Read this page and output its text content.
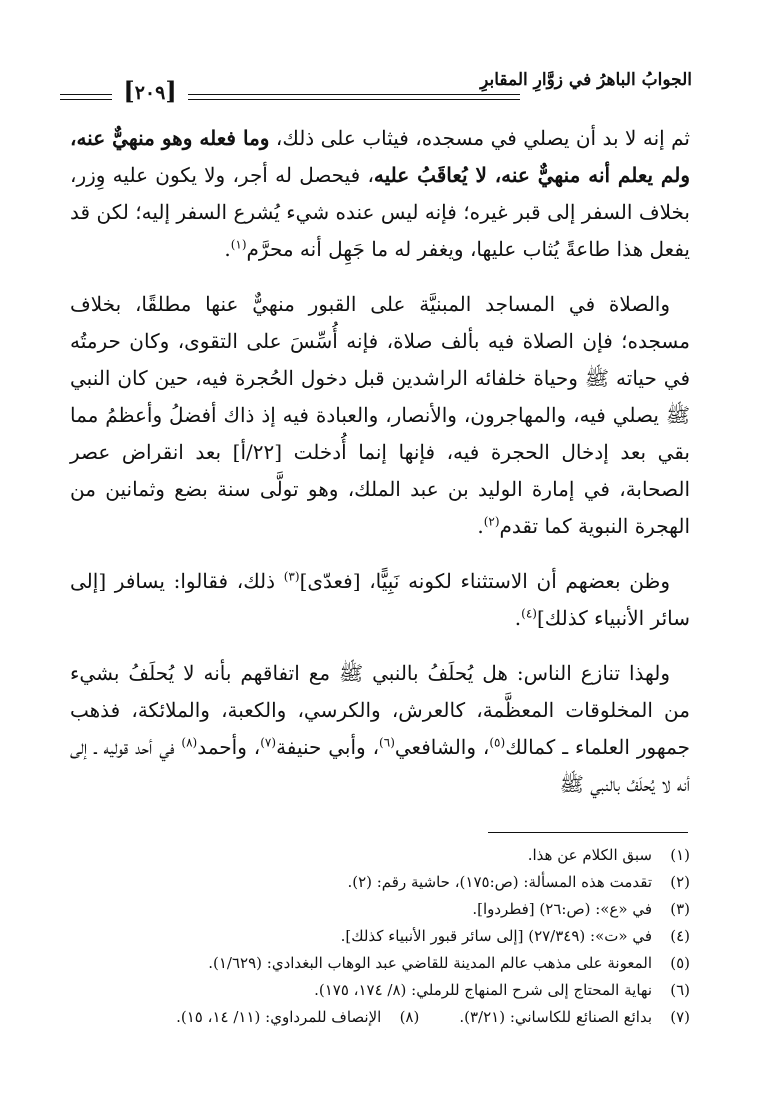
الجوابُ الباهرُ في زوَّارِ المقابرِ
[٢٠٩]

ثم إنه لا بد أن يصلي في مسجده، فيثاب على ذلك، وما فعله وهو منهيٌّ عنه، ولم يعلم أنه منهيٌّ عنه، لا يُعاقَبُ عليه، فيحصل له أجر، ولا يكون عليه وِزر، بخلاف السفر إلى قبر غيره؛ فإنه ليس عنده شيء يُشرع السفر إليه؛ لكن قد يفعل هذا طاعةً يُثاب عليها، ويغفر له ما جَهِل أنه محرَّم$^{(١)}$.

والصلاة في المساجد المبنيَّة على القبور منهيٌّ عنها مطلقًا، بخلاف مسجده؛ فإن الصلاة فيه بألف صلاة، فإنه أُسِّسَ على التقوى، وكان حرمتُه في حياته ﷺ وحياة خلفائه الراشدين قبل دخول الحُجرة فيه، حين كان النبي ﷺ يصلي فيه، والمهاجرون، والأنصار، والعبادة فيه إذ ذاك أفضلُ وأعظمُ مما بقي بعد إدخال الحجرة فيه، فإنها إنما أُدخلت [٢٢/أ] بعد انقراض عصر الصحابة، في إمارة الوليد بن عبد الملك، وهو تولَّى سنة بضع وثمانين من الهجرة النبوية كما تقدم$^{(٢)}$.

وظن بعضهم أن الاستثناء لكونه نَبِيًّا، [فعدّى]$^{(٣)}$ ذلك، فقالوا: يسافر [إلى سائر الأنبياء كذلك]$^{(٤)}$.

ولهذا تنازع الناس: هل يُحلَفُ بالنبي ﷺ مع اتفاقهم بأنه لا يُحلَفُ بشيء من المخلوقات المعظَّمة، كالعرش، والكرسي، والكعبة، والملائكة، فذهب جمهور العلماء ـ كمالك$^{(٥)}$، والشافعي$^{(٦)}$، وأبي حنيفة$^{(٧)}$، وأحمد$^{(٨)}$ في أحد قوليه ـ إلى أنه لا يُحلَفُ بالنبي ﷺ

(١)سبق الكلام عن هذا.
(٢)تقدمت هذه المسألة: (ص:١٧٥)، حاشية رقم: (٢).
(٣)في «ع»: (ص:٢٦) [فطردوا].
(٤)في «ت»: (٢٧/٣٤٩) [إلى سائر قبور الأنبياء كذلك].
(٥)المعونة على مذهب عالم المدينة للقاضي عبد الوهاب البغدادي: (١/٦٢٩).
(٦)نهاية المحتاج إلى شرح المنهاج للرملي: (٨/ ١٧٤، ١٧٥).
(٧)بدائع الصنائع للكاساني: (٣/٢١).(٨)الإنصاف للمرداوي: (١١/ ١٤، ١٥).
